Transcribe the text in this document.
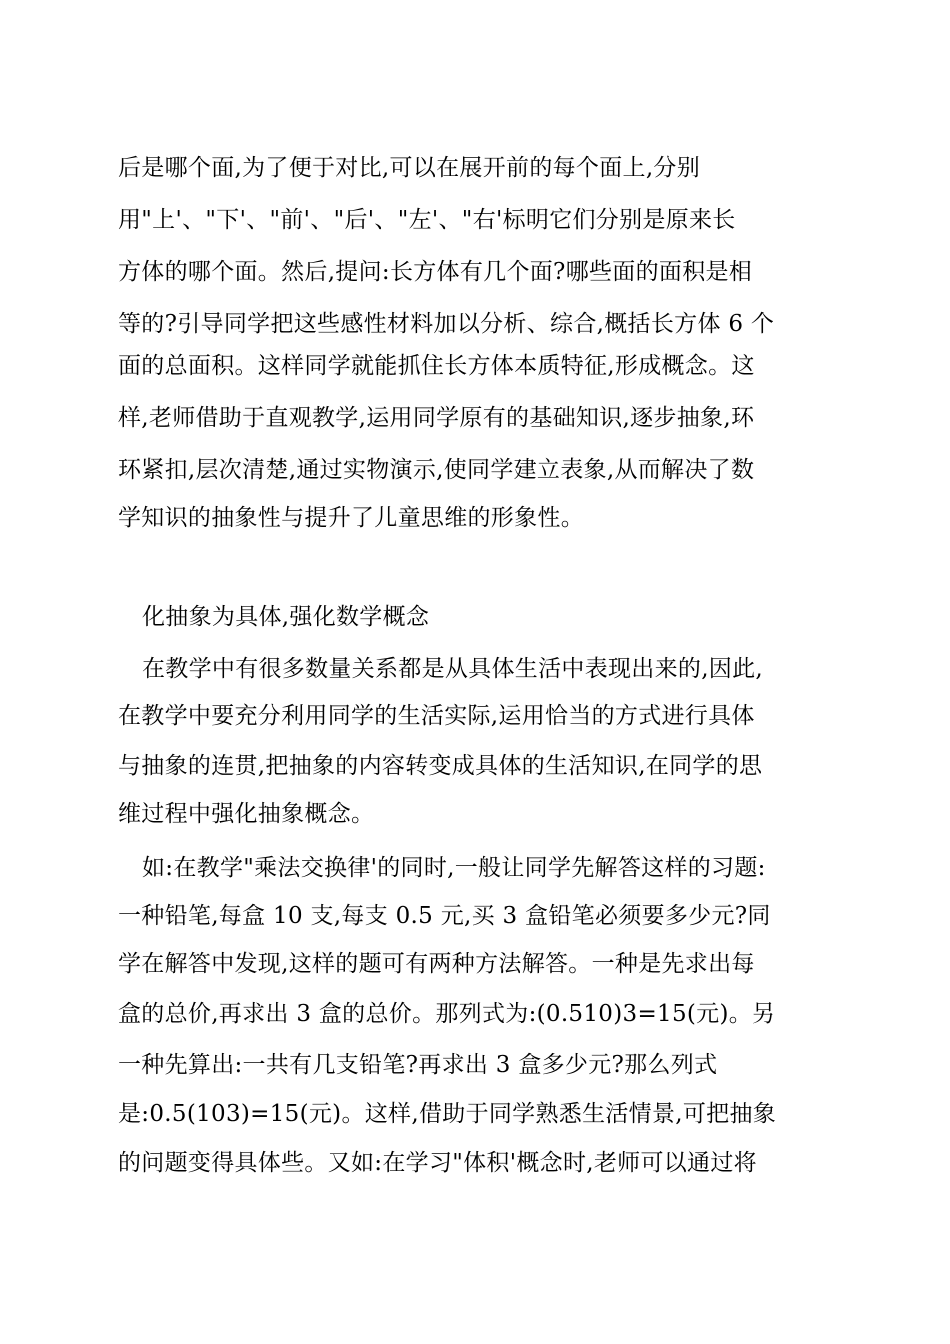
后是哪个面,为了便于对比,可以在展开前的每个面上,分别
用"上'、"下'、"前'、"后'、"左'、"右'标明它们分别是原来长
方体的哪个面。然后,提问:长方体有几个面?哪些面的面积是相
等的?引导同学把这些感性材料加以分析、综合,概括长方体 6 个
面的总面积。这样同学就能抓住长方体本质特征,形成概念。这
样,老师借助于直观教学,运用同学原有的基础知识,逐步抽象,环
环紧扣,层次清楚,通过实物演示,使同学建立表象,从而解决了数
学知识的抽象性与提升了儿童思维的形象性。
化抽象为具体,强化数学概念
在教学中有很多数量关系都是从具体生活中表现出来的,因此,
在教学中要充分利用同学的生活实际,运用恰当的方式进行具体
与抽象的连贯,把抽象的内容转变成具体的生活知识,在同学的思
维过程中强化抽象概念。
如:在教学"乘法交换律'的同时,一般让同学先解答这样的习题:
一种铅笔,每盒 10 支,每支 0.5 元,买 3 盒铅笔必须要多少元?同
学在解答中发现,这样的题可有两种方法解答。一种是先求出每
盒的总价,再求出 3 盒的总价。那列式为:(0.510)3=15(元)。另
一种先算出:一共有几支铅笔?再求出 3 盒多少元?那么列式
是:0.5(103)=15(元)。这样,借助于同学熟悉生活情景,可把抽象
的问题变得具体些。又如:在学习"体积'概念时,老师可以通过将
